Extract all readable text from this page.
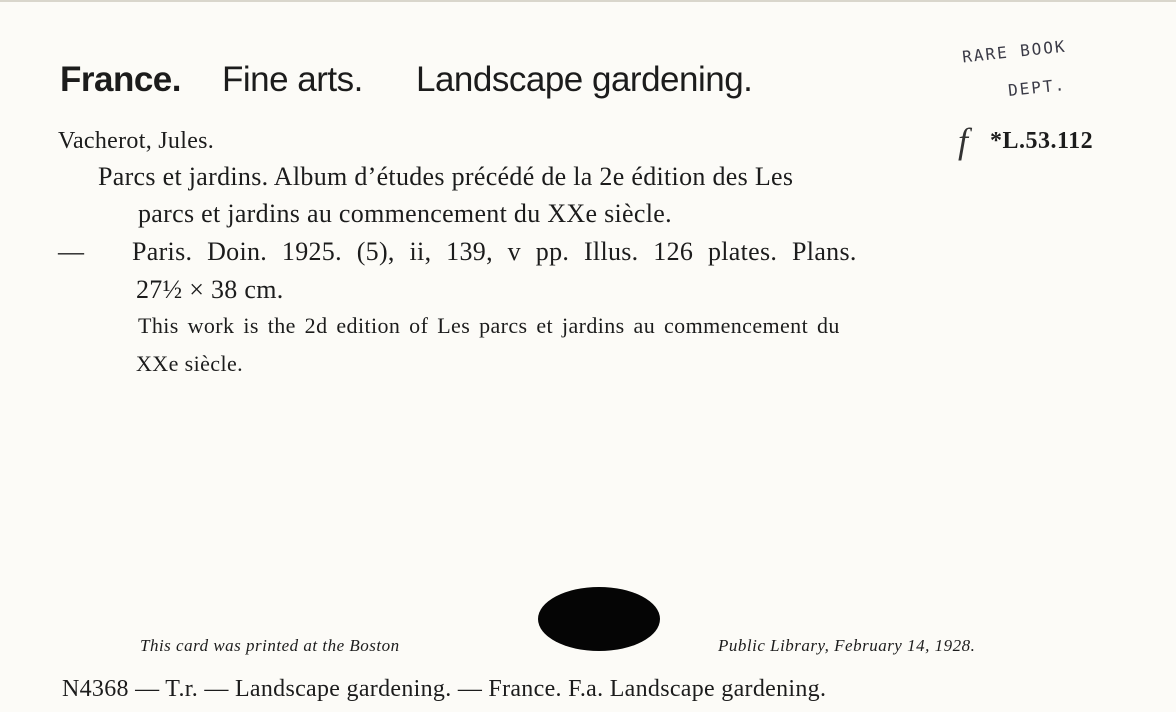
France. Fine arts. Landscape gardening.
RARE BOOK
DEPT.
Vacherot, Jules.	f *L.53.112
Parcs et jardins. Album d’études précédé de la 2e édition des Les
parcs et jardins au commencement du XXe siècle.
— Paris. Doin. 1925. (5), ii, 139, v pp. Illus. 126 plates. Plans.
27½ × 38 cm.
This work is the 2d edition of Les parcs et jardins au commencement du
XXe siècle.
This card was printed at the Boston	Public Library, February 14, 1928.
N4368 — T.r. — Landscape gardening. — France. F.a. Landscape gardening.
